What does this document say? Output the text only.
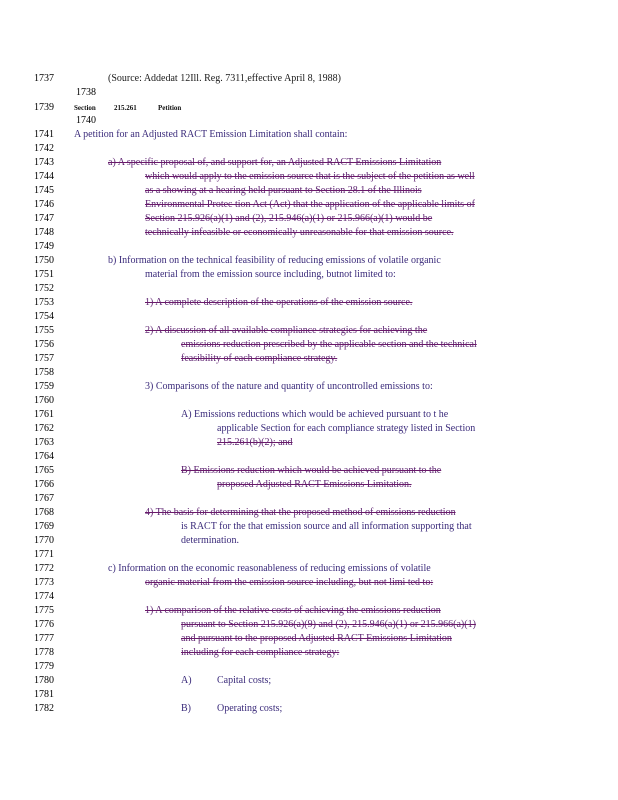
1737
1739
1741
1742
1743
1744
1745
1746
1747
1748
1749
1750
1751
1752
1753
1754
1755
1756
1757
1758
1759
1760
1761
1762
1763
1764
1765
1766
1767
1768
1769
1770
1771
1772
1773
1774
1775
1776
1777
1778
1779
1780
1781
1782
1738
1740
(Source: Addedat 12Ill. Reg. 7311,effective April 8, 1988)
Section	215.261	Petition
A petition for an Adjusted RACT Emission Limitation shall contain:
a) A specific proposal of, and support for, an Adjusted RACT Emissions Limitation
which would apply to the emission source that is the subject of the petition as well
as a showing at a hearing held pursuant to Section 28.1 of the Illinois
Environmental Protec tion Act (Act) that the application of the applicable limits of
Section 215.926(a)(1) and (2), 215.946(a)(1) or 215.966(a)(1) would be
technically infeasible or economically unreasonable for that emission source.
b) Information on the technical feasibility of reducing emissions of volatile organic
material from the emission source including, butnot limited to:
1) A complete description of the operations of the emission source.
2) A discussion of all available compliance strategies for achieving the
emissions reduction prescribed by the applicable section and the technical
feasibility of each compliance strategy.
3) Comparisons of the nature and quantity of uncontrolled emissions to:
A) Emissions reductions which would be achieved pursuant to t he
applicable Section for each compliance strategy listed in Section
215.261(b)(2); and
B) Emissions reduction which would be achieved pursuant to the
proposed Adjusted RACT Emissions Limitation.
4) The basis for determining that the proposed method of emissions reduction
is RACT for the that emission source and all information supporting that
determination.
c) Information on the economic reasonableness of reducing emissions of volatile
organic material from the emission source including, but not limi ted to:
1) A comparison of the relative costs of achieving the emissions reduction
pursuant to Section 215.926(a)(9) and (2), 215.946(a)(1) or 215.966(a)(1)
and pursuant to the proposed Adjusted RACT Emissions Limitation
including for each compliance strategy:
A)	Capital costs;
B)	Operating costs;
